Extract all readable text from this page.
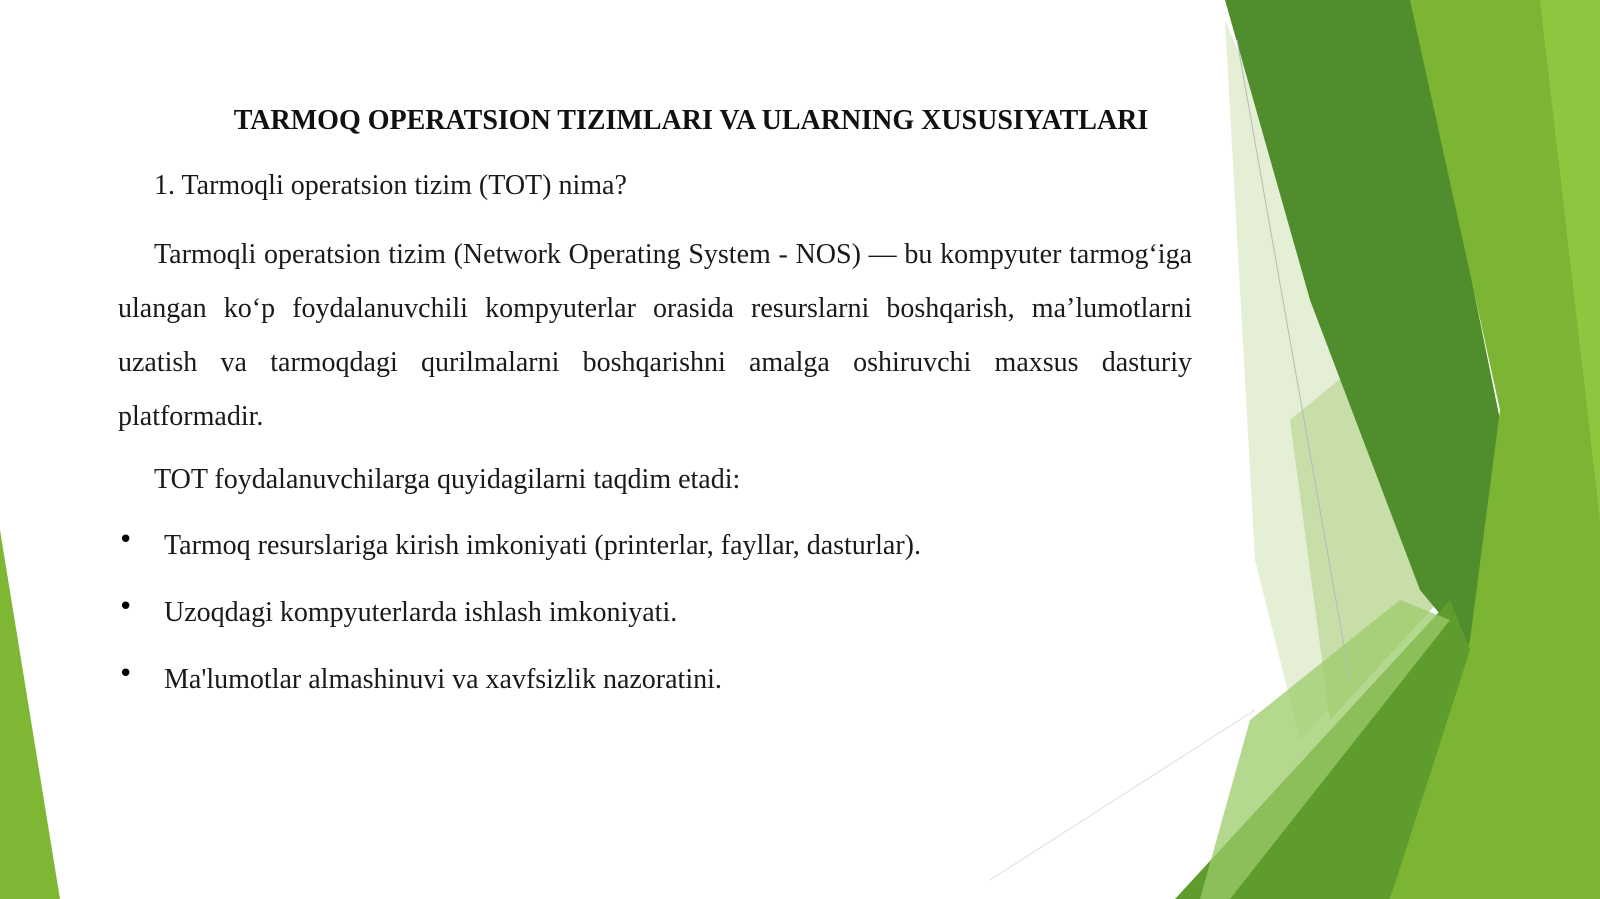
TARMOQ OPERATSION TIZIMLARI VA ULARNING XUSUSIYATLARI

1. Tarmoqli operatsion tizim (TOT) nima?

Tarmoqli operatsion tizim (Network Operating System - NOS) — bu kompyuter tarmog‘iga ulangan ko‘p foydalanuvchili kompyuterlar orasida resurslarni boshqarish, ma’lumotlarni uzatish va tarmoqdagi qurilmalarni boshqarishni amalga oshiruvchi maxsus dasturiy platformadir.

TOT foydalanuvchilarga quyidagilarni taqdim etadi:

• Tarmoq resurslariga kirish imkoniyati (printerlar, fayllar, dasturlar).
• Uzoqdagi kompyuterlarda ishlash imkoniyati.
• Ma'lumotlar almashinuvi va xavfsizlik nazoratini.
